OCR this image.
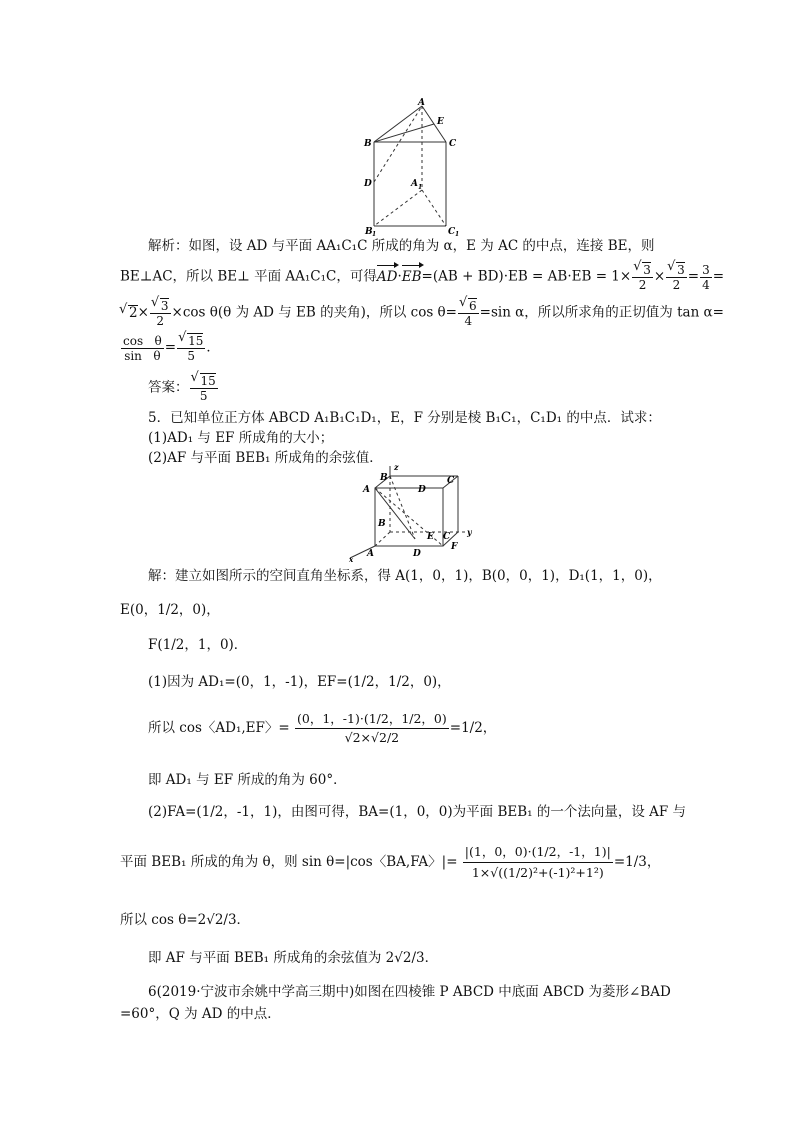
A
E
B	C
D	A 1
B 1	C 1
解析：如图，设 AD 与平面 AA₁C₁C 所成的角为 α，E 为 AC 的中点，连接 BE，则
BE⊥AC，所以 BE⊥ 平面 AA₁C₁C，可得AD·EB=(AB + BD)·EB = AB·EB = 1× √ $\frac{3}{2}$ × √ $\frac{3}{2} = \frac{3}{4}$ =
√ 2× √ $\frac{3}{2} \times\cos$ θ(θ 为 AD 与 EB 的夹角)，所以 cos θ= √ $\frac{6}{4} =\sin$ α，所以所求角的正切值为 tan α=
$\frac{\text{cos   θ}}{\text{sin   θ}}$ = √ $\frac{15}{5}$ ．
答案： √ $\frac{15}{5}$
5．已知单位正方体 ABCD A₁B₁C₁D₁，E，F 分别是棱 B₁C₁，C₁D₁ 的中点．试求：
(1)AD₁ 与 EF 所成角的大小；
(2)AF 与平面 BEB₁ 所成角的余弦值．
z
A
B	C
D
B
E C
F
y
A	D
x
解：建立如图所示的空间直角坐标系，得 A(1，0，1)，B(0，0，1)，D₁(1，1，0)，
E(0，1/2，0)，
F(1/2，1，0)．
(1)因为 AD₁=(0，1，-1)，EF=(1/2，1/2，0)，
所以 cos〈AD₁,EF〉= $\frac{(0,1,-1)\cdot(1/2,1/2,0)}{√2\times√2/2} =1/2$，
即 AD₁ 与 EF 所成的角为 60°．
(2)FA=(1/2，-1，1)，由图可得，BA=(1，0，0)为平面 BEB₁ 的一个法向量，设 AF 与
平面 BEB₁ 所成的角为 θ，则 sin θ=|cos〈BA,FA〉|= $\frac{|(1,0,0)\cdot(1/2,-1,1)|}{\text{1×√((1/2)²+(-1)²+1²)}} =1/3$，
所以 cos θ=2√2/3．
即 AF 与平面 BEB₁ 所成角的余弦值为 2√2/3．
6(2019·宁波市余姚中学高三期中)如图在四棱锥 P ABCD 中底面 ABCD 为菱形∠BAD
=60°，Q 为 AD 的中点．
